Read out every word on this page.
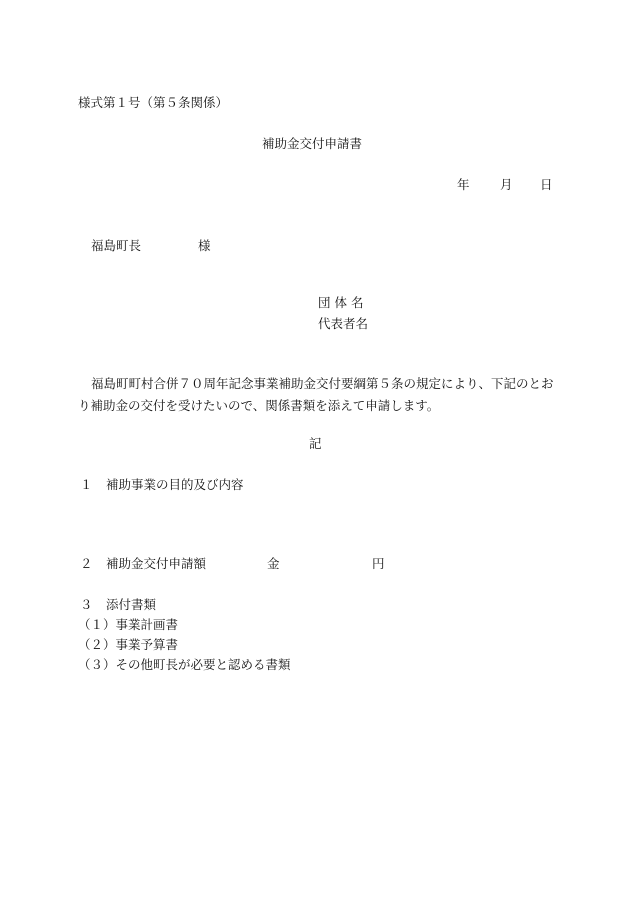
様式第１号（第５条関係）
補助金交付申請書
年 月 日
福島町長	様
団 体 名
代表者名
福島町町村合併７０周年記念事業補助金交付要綱第５条の規定により、下記のとおり補助金の交付を受けたいので、関係書類を添えて申請します。
記
１ 補助事業の目的及び内容
２ 補助金交付申請額	金	円
３ 添付書類
（１）事業計画書
（２）事業予算書
（３）その他町長が必要と認める書類
